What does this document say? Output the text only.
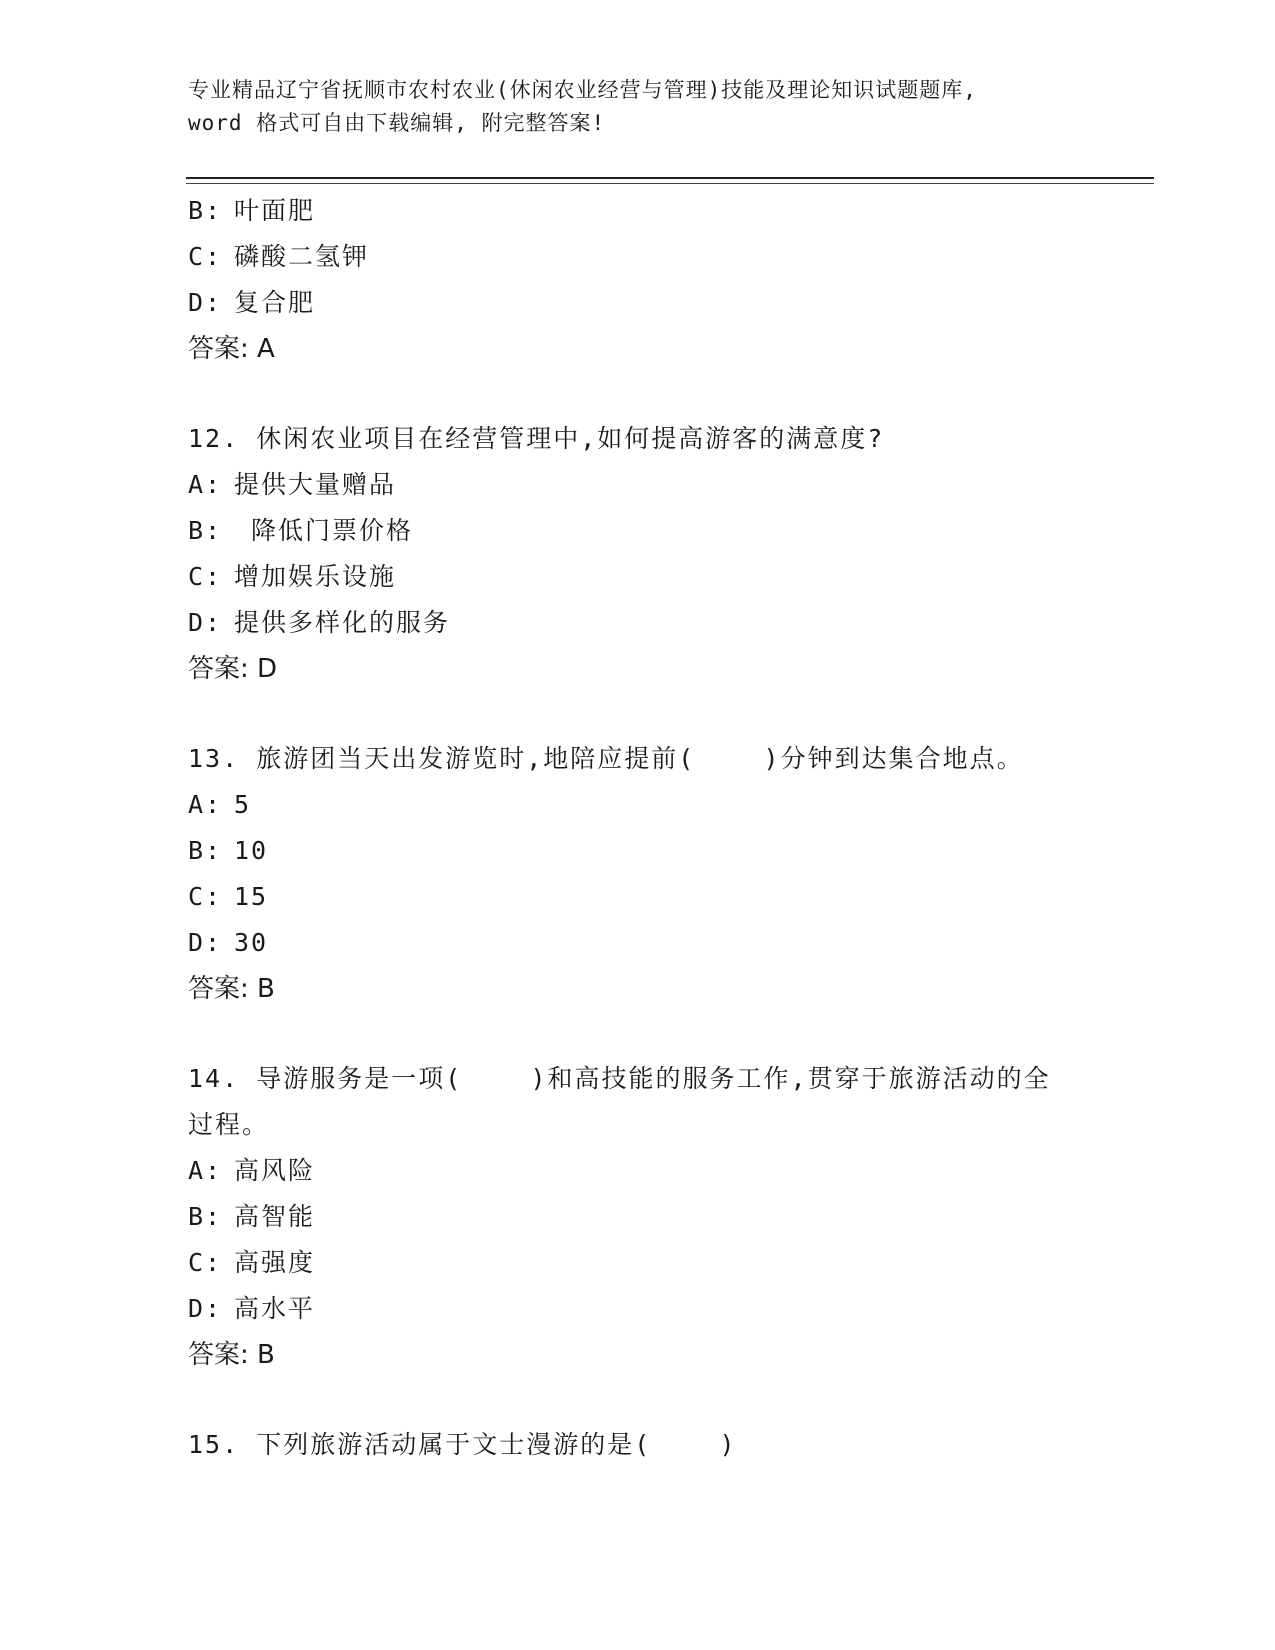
专业精品辽宁省抚顺市农村农业(休闲农业经营与管理)技能及理论知识试题题库,
word 格式可自由下载编辑, 附完整答案!
B: 叶面肥
C: 磷酸二氢钾
D: 复合肥
答案: A
12. 休闲农业项目在经营管理中,如何提高游客的满意度?
A: 提供大量赠品
B: 降低门票价格
C: 增加娱乐设施
D: 提供多样化的服务
答案: D
13. 旅游团当天出发游览时,地陪应提前(    )分钟到达集合地点。
A: 5
B: 10
C: 15
D: 30
答案: B
14. 导游服务是一项(    )和高技能的服务工作,贯穿于旅游活动的全
过程。
A: 高风险
B: 高智能
C: 高强度
D: 高水平
答案: B
15. 下列旅游活动属于文士漫游的是(    )
